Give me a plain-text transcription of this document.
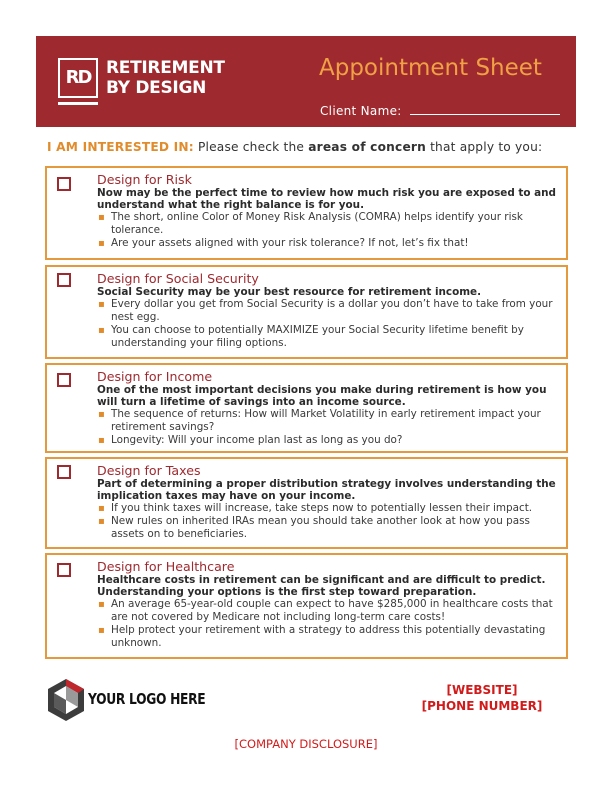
RD RETIREMENT
BY DESIGN
Appointment Sheet
Client Name:
I AM INTERESTED IN: Please check the areas of concern that apply to you:
Design for Risk
Now may be the perfect time to review how much risk you are exposed to and understand what the right balance is for you.
▪ The short, online Color of Money Risk Analysis (COMRA) helps identify your risk tolerance.
▪ Are your assets aligned with your risk tolerance? If not, let’s fix that!
Design for Social Security
Social Security may be your best resource for retirement income.
▪ Every dollar you get from Social Security is a dollar you don’t have to take from your nest egg.
▪ You can choose to potentially MAXIMIZE your Social Security lifetime benefit by understanding your filing options.
Design for Income
One of the most important decisions you make during retirement is how you will turn a lifetime of savings into an income source.
▪ The sequence of returns: How will Market Volatility in early retirement impact your retirement savings?
▪ Longevity: Will your income plan last as long as you do?
Design for Taxes
Part of determining a proper distribution strategy involves understanding the implication taxes may have on your income.
▪ If you think taxes will increase, take steps now to potentially lessen their impact.
▪ New rules on inherited IRAs mean you should take another look at how you pass assets on to beneficiaries.
Design for Healthcare
Healthcare costs in retirement can be significant and are difficult to predict. Understanding your options is the first step toward preparation.
▪ An average 65-year-old couple can expect to have $285,000 in healthcare costs that are not covered by Medicare not including long-term care costs!
▪ Help protect your retirement with a strategy to address this potentially devastating unknown.
YOUR LOGO HERE	[WEBSITE]
[PHONE NUMBER]
[COMPANY DISCLOSURE]
